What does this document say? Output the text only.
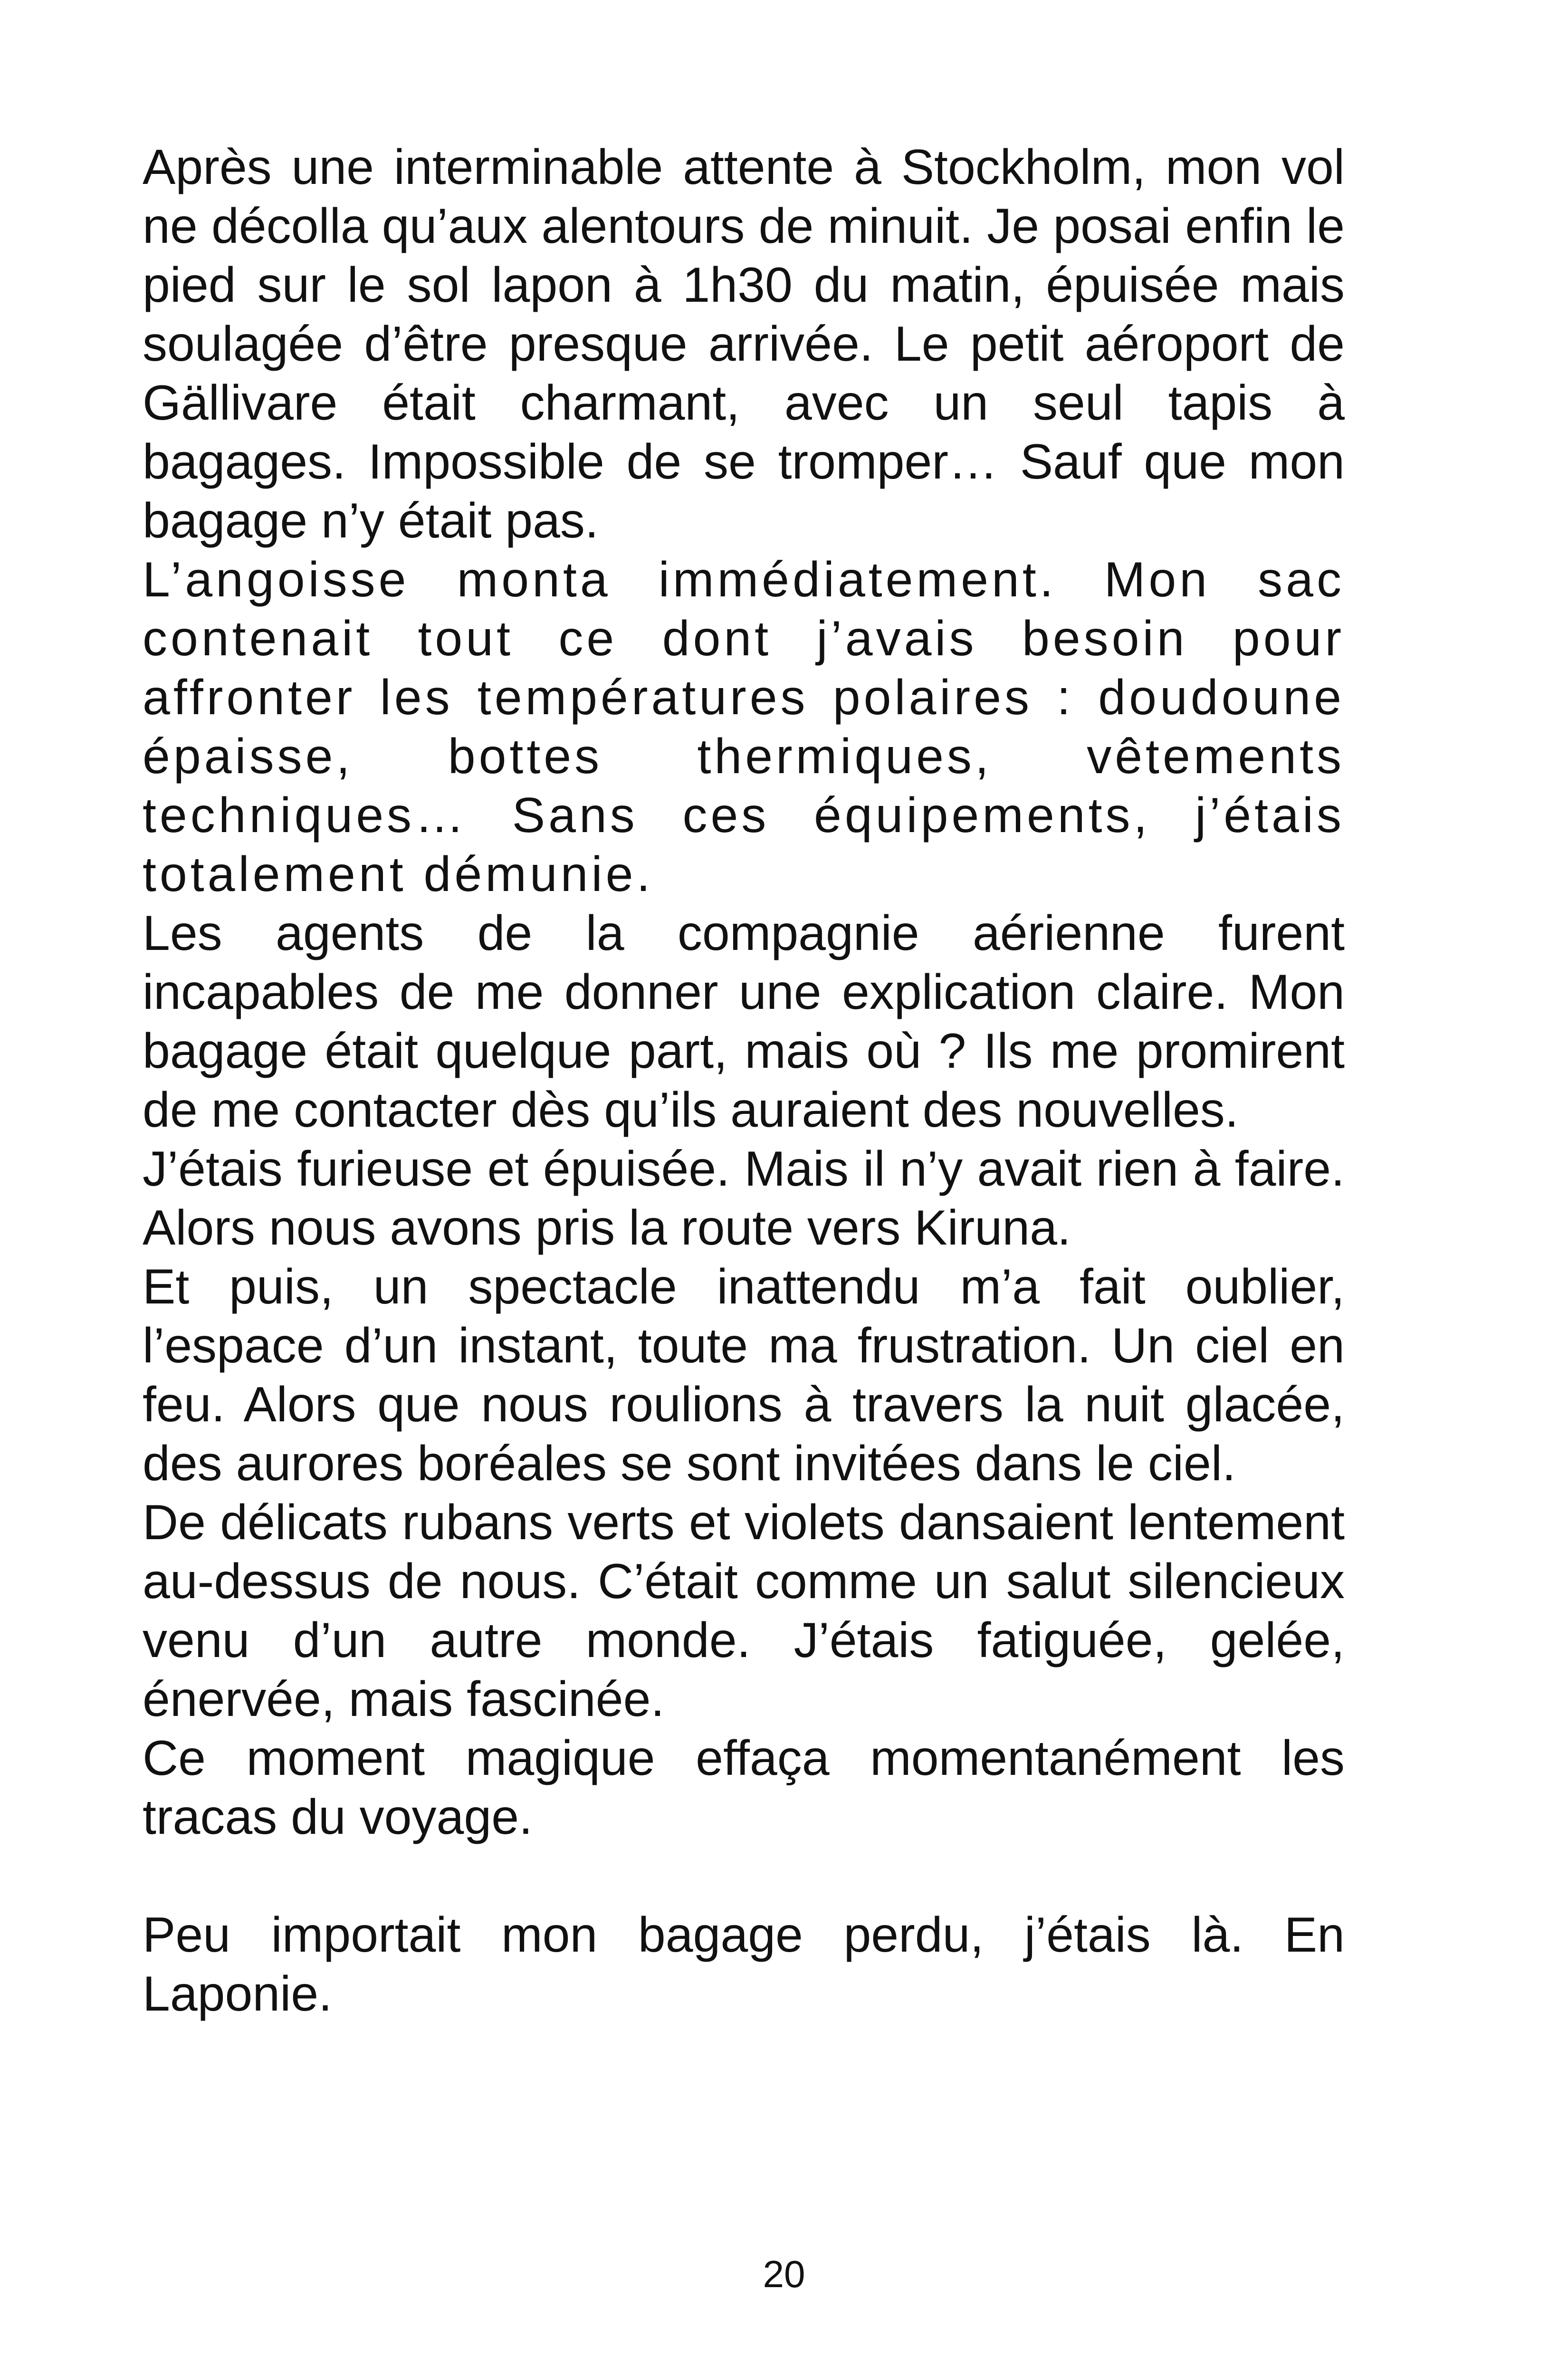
Après une interminable attente à Stockholm, mon vol ne décolla qu’aux alentours de minuit. Je posai enfin le pied sur le sol lapon à 1h30 du matin, épuisée mais soulagée d’être presque arrivée. Le petit aéroport de Gällivare était charmant, avec un seul tapis à bagages. Impossible de se tromper… Sauf que mon bagage n’y était pas.

L’angoisse monta immédiatement. Mon sac contenait tout ce dont j’avais besoin pour affronter les températures polaires : doudoune épaisse, bottes thermiques, vêtements techniques… Sans ces équipements, j’étais totalement démunie.

Les agents de la compagnie aérienne furent incapables de me donner une explication claire. Mon bagage était quelque part, mais où ? Ils me promirent de me contacter dès qu’ils auraient des nouvelles.

J’étais furieuse et épuisée. Mais il n’y avait rien à faire. Alors nous avons pris la route vers Kiruna.

Et puis, un spectacle inattendu m’a fait oublier, l’espace d’un instant, toute ma frustration. Un ciel en feu. Alors que nous roulions à travers la nuit glacée, des aurores boréales se sont invitées dans le ciel.

De délicats rubans verts et violets dansaient lentement au-dessus de nous. C’était comme un salut silencieux venu d’un autre monde. J’étais fatiguée, gelée, énervée, mais fascinée.

Ce moment magique effaça momentanément les tracas du voyage.

Peu importait mon bagage perdu, j’étais là. En Laponie.

20
